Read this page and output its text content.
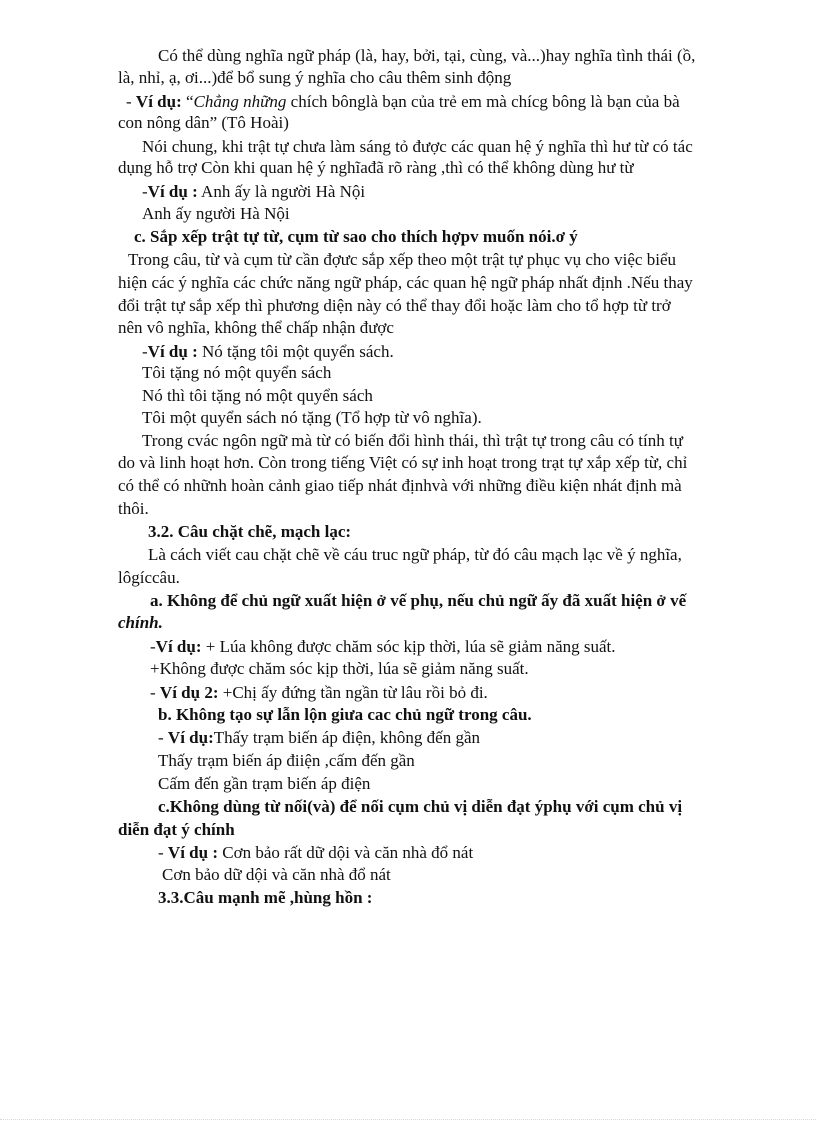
Có thể dùng nghĩa ngữ pháp (là, hay, bởi, tại, cùng, và...)hay nghĩa tình thái (ồ,
là, nhỉ, ạ, ơi...)để bổ sung ý nghĩa cho câu thêm sinh động
- Ví dụ: “Chẳng những chích bônglà bạn của trẻ em mà chícg bông là bạn của bà
con nông dân” (Tô Hoài)
Nói chung, khi trật tự chưa làm sáng tỏ được các quan hệ ý nghĩa thì hư từ có tác
dụng hỗ trợ Còn khi quan hệ ý nghĩađã rõ ràng ,thì có thể không dùng hư từ
-Ví dụ : Anh ấy là người Hà Nội
Anh ấy người Hà Nội
c. Sắp xếp trật tự từ, cụm từ sao cho thích hợpv muốn nói.ơ ý
Trong câu, từ và cụm từ cần đợưc sắp xếp theo một trật tự phục vụ cho việc biểu
hiện các ý nghĩa các chức năng ngữ pháp, các quan hệ ngữ pháp nhất định .Nếu thay
đổi trật tự sắp xếp thì phương diện này có thể thay đổi hoặc làm cho tổ hợp từ trở
nên vô nghĩa, không thể chấp nhận được
-Ví dụ : Nó tặng tôi một quyển sách.
Tôi tặng nó một quyển sách
Nó thì tôi tặng nó một quyển sách
Tôi một quyển sách nó tặng (Tổ hợp từ vô nghĩa).
Trong cvác ngôn ngữ mà từ có biến đổi hình thái, thì trật tự trong câu có tính tự
do và linh hoạt hơn. Còn trong tiếng Việt có sự inh hoạt trong trạt tự xắp xếp từ, chỉ
có thể có nhữnh hoàn cảnh giao tiếp nhát địnhvà với những điều kiện nhát định mà
thôi.
3.2. Câu chặt chẽ, mạch lạc:
Là cách viết cau chặt chẽ về cáu truc ngữ pháp, từ đó câu mạch lạc về ý nghĩa,
lôgíccâu.
a. Không để chủ ngữ xuất hiện ở vế phụ, nếu chủ ngữ ấy đã xuất hiện ở vế
chính.
-Ví dụ: + Lúa không được chăm sóc kịp thời, lúa sẽ giảm năng suất.
+Không được chăm sóc kịp thời, lúa sẽ giảm năng suất.
- Ví dụ 2: +Chị ấy đứng tần ngần từ lâu rồi bỏ đi.
b. Không tạo sự lẫn lộn giưa cac chủ ngữ trong câu.
- Ví dụ:Thấy trạm biến áp điện, không đến gần
Thấy trạm biến áp điiện ,cấm đến gần
Cấm đến gần trạm biến áp điện
c.Không dùng từ nối(và) để nối cụm chủ vị diễn đạt ýphụ với cụm chủ vị
diễn đạt ý chính
- Ví dụ : Cơn bảo rất dữ dội và căn nhà đổ nát
Cơn bảo dữ dội và căn nhà đổ nát
3.3.Câu mạnh mẽ ,hùng hồn :
